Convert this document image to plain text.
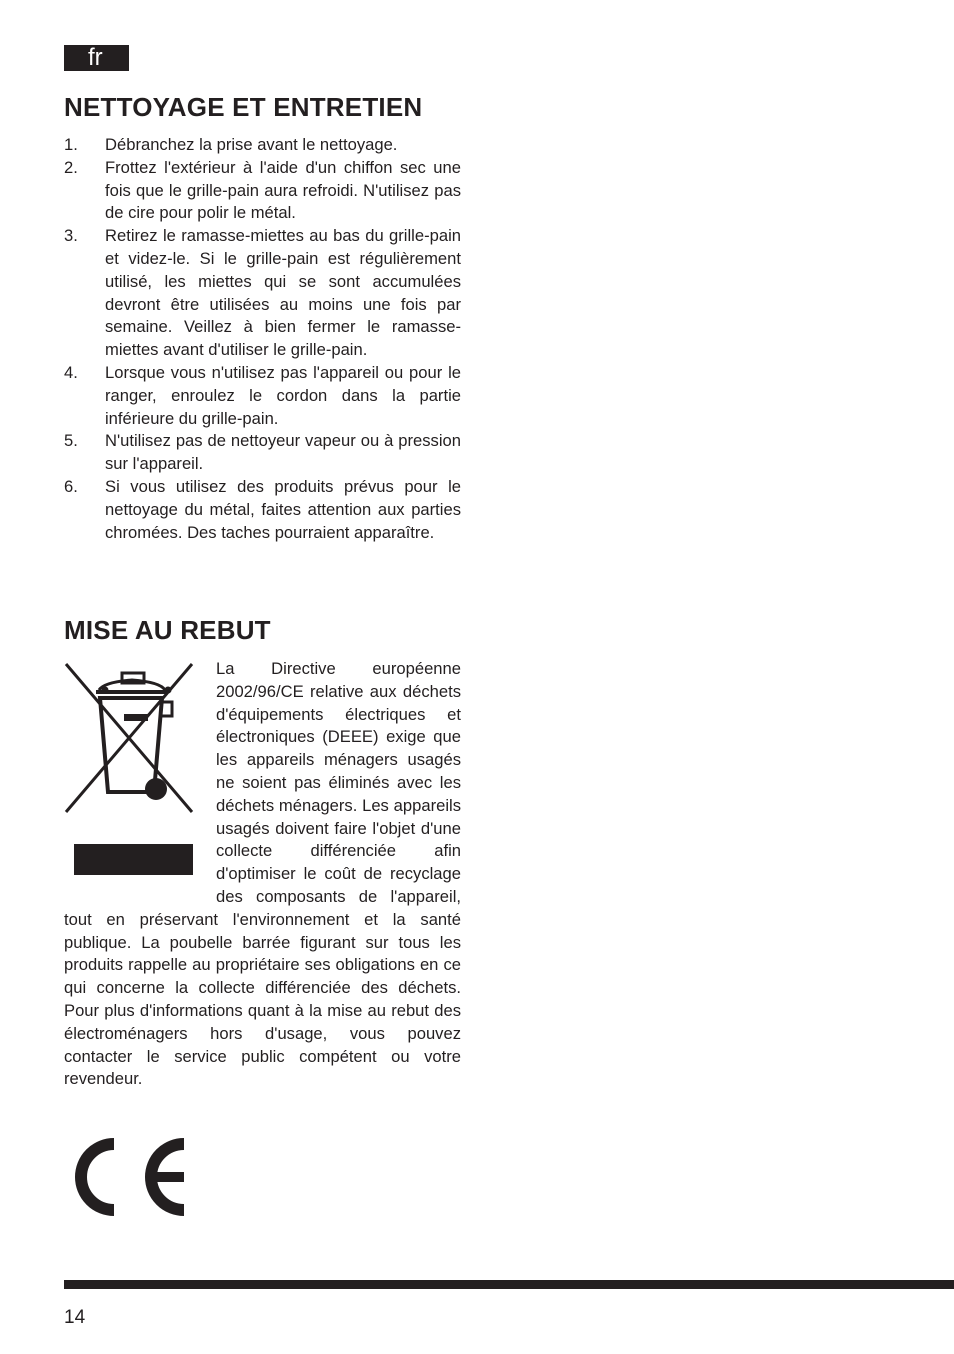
fr
NETTOYAGE ET ENTRETIEN
1.	Débranchez la prise avant le nettoyage.
2.	Frottez l'extérieur à l'aide d'un chiffon sec une fois que le grille-pain aura refroidi. N'utilisez pas de cire pour polir le métal.
3.	Retirez le ramasse-miettes au bas du grille-pain et videz-le. Si le grille-pain est régulièrement utilisé, les miettes qui se sont accumulées devront être utilisées au moins une fois par semaine. Veillez à bien fermer le ramasse-miettes avant d'utiliser le grille-pain.
4.	Lorsque vous n'utilisez pas l'appareil ou pour le ranger, enroulez le cordon dans la partie inférieure du grille-pain.
5.	N'utilisez pas de nettoyeur vapeur ou à pression sur l'appareil.
6.	Si vous utilisez des produits prévus pour le nettoyage du métal, faites attention aux parties chromées. Des taches pourraient apparaître.
MISE AU REBUT

La Directive européenne 2002/96/CE relative aux déchets d'équipements électriques et électroniques (DEEE) exige que les appareils ménagers usagés ne soient pas éliminés avec les déchets ménagers. Les appareils usagés doivent faire l'objet d'une collecte différenciée afin d'optimiser le coût de recyclage des composants de l'appareil, tout en préservant l'environnement et la santé publique. La poubelle barrée figurant sur tous les produits rappelle au propriétaire ses obligations en ce qui concerne la collecte différenciée des déchets. Pour plus d'informations quant à la mise au rebut des électroménagers hors d'usage, vous pouvez contacter le service public compétent ou votre revendeur.

14
